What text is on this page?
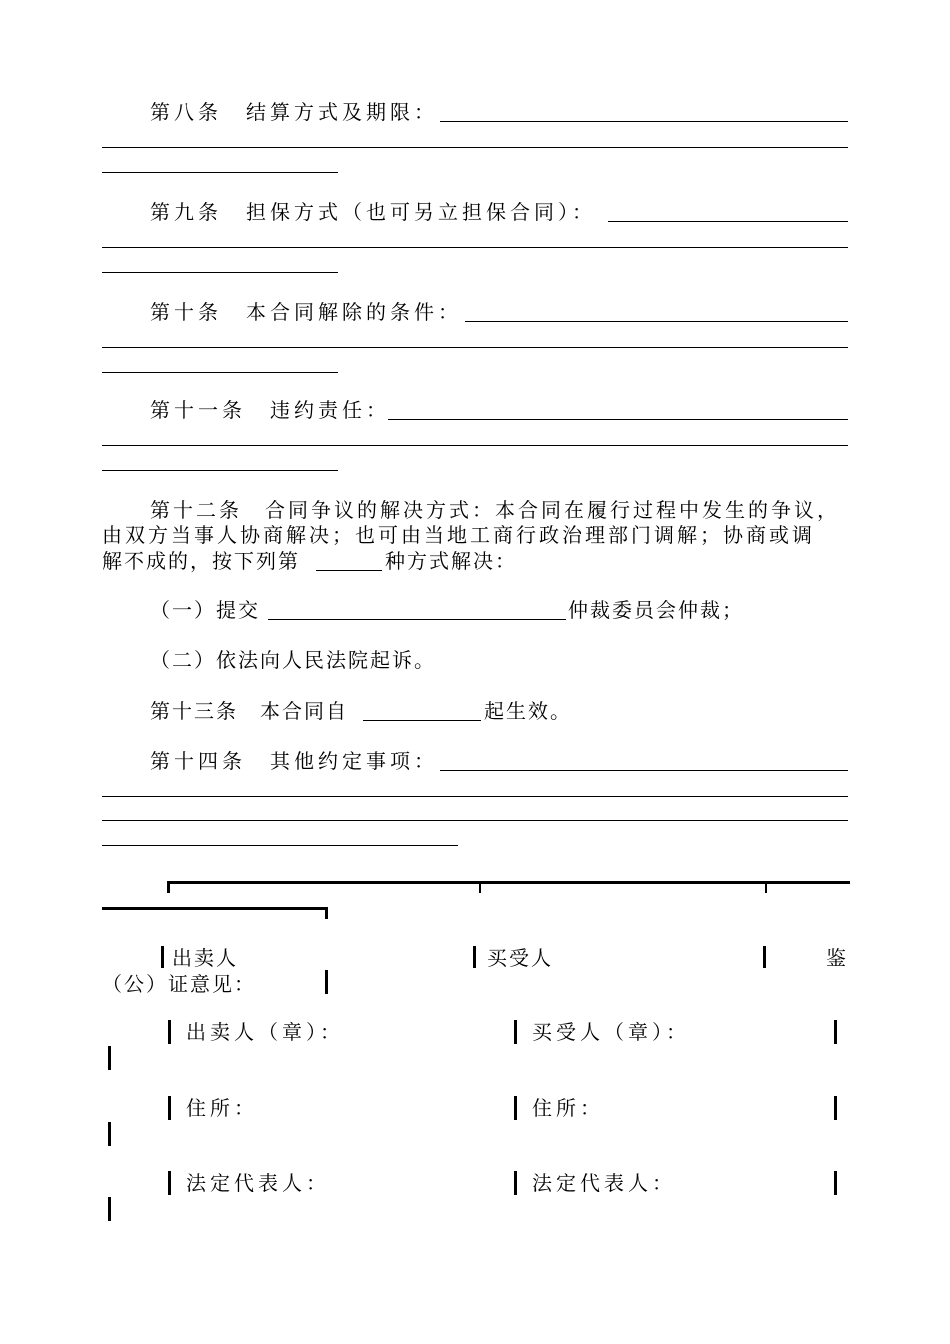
第八条　结算方式及期限：
第九条　担保方式（也可另立担保合同）：
第十条　本合同解除的条件：
第十一条　违约责任：
第十二条　合同争议的解决方式：本合同在履行过程中发生的争议，
由双方当事人协商解决；也可由当地工商行政治理部门调解；协商或调
解不成的，按下列第	种方式解决：
（一）提交	仲裁委员会仲裁；
（二）依法向人民法院起诉。
第十三条　本合同自	起生效。
第十四条　其他约定事项：
出卖人	买受人	鉴
（公）证意见：
出卖人（章）：	买受人（章）：
住所：	住所：
法定代表人：	法定代表人：
